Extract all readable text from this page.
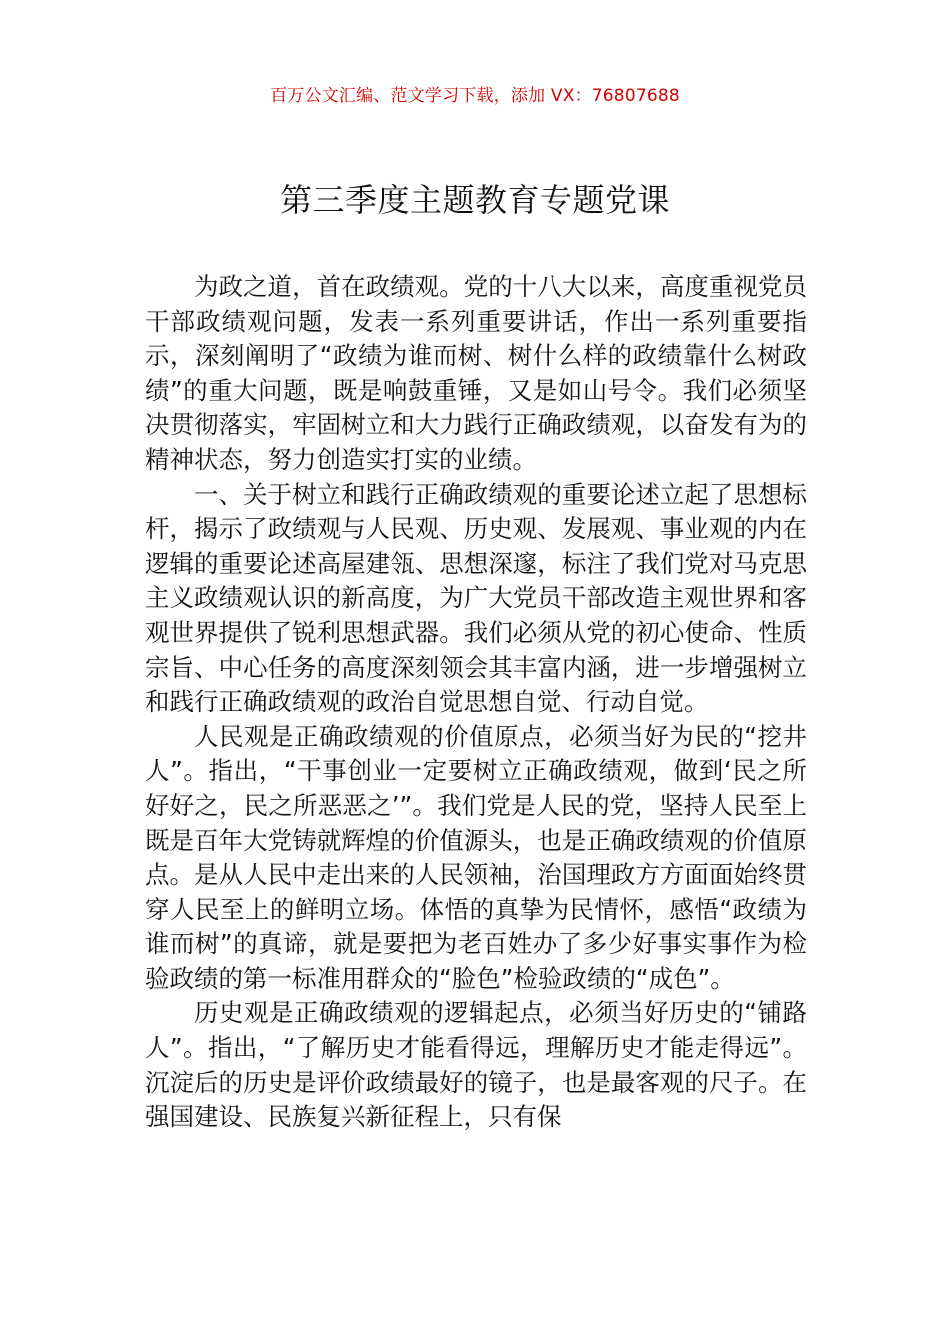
百万公文汇编、范文学习下载，添加 VX：76807688
第三季度主题教育专题党课

为政之道，首在政绩观。党的十八大以来，高度重视党员干部政绩观问题，发表一系列重要讲话，作出一系列重要指示，深刻阐明了“政绩为谁而树、树什么样的政绩靠什么树政绩”的重大问题，既是响鼓重锤，又是如山号令。我们必须坚决贯彻落实，牢固树立和大力践行正确政绩观，以奋发有为的精神状态，努力创造实打实的业绩。

一、关于树立和践行正确政绩观的重要论述立起了思想标杆，揭示了政绩观与人民观、历史观、发展观、事业观的内在逻辑的重要论述高屋建瓴、思想深邃，标注了我们党对马克思主义政绩观认识的新高度，为广大党员干部改造主观世界和客观世界提供了锐利思想武器。我们必须从党的初心使命、性质宗旨、中心任务的高度深刻领会其丰富内涵，进一步增强树立和践行正确政绩观的政治自觉思想自觉、行动自觉。

人民观是正确政绩观的价值原点，必须当好为民的“挖井人”。指出，“干事创业一定要树立正确政绩观，做到‘民之所好好之，民之所恶恶之’”。我们党是人民的党，坚持人民至上既是百年大党铸就辉煌的价值源头，也是正确政绩观的价值原点。是从人民中走出来的人民领袖，治国理政方方面面始终贯穿人民至上的鲜明立场。体悟的真挚为民情怀，感悟“政绩为谁而树”的真谛，就是要把为老百姓办了多少好事实事作为检验政绩的第一标准用群众的“脸色”检验政绩的“成色”。

历史观是正确政绩观的逻辑起点，必须当好历史的“铺路人”。指出，“了解历史才能看得远，理解历史才能走得远”。沉淀后的历史是评价政绩最好的镜子，也是最客观的尺子。在强国建设、民族复兴新征程上，只有保
